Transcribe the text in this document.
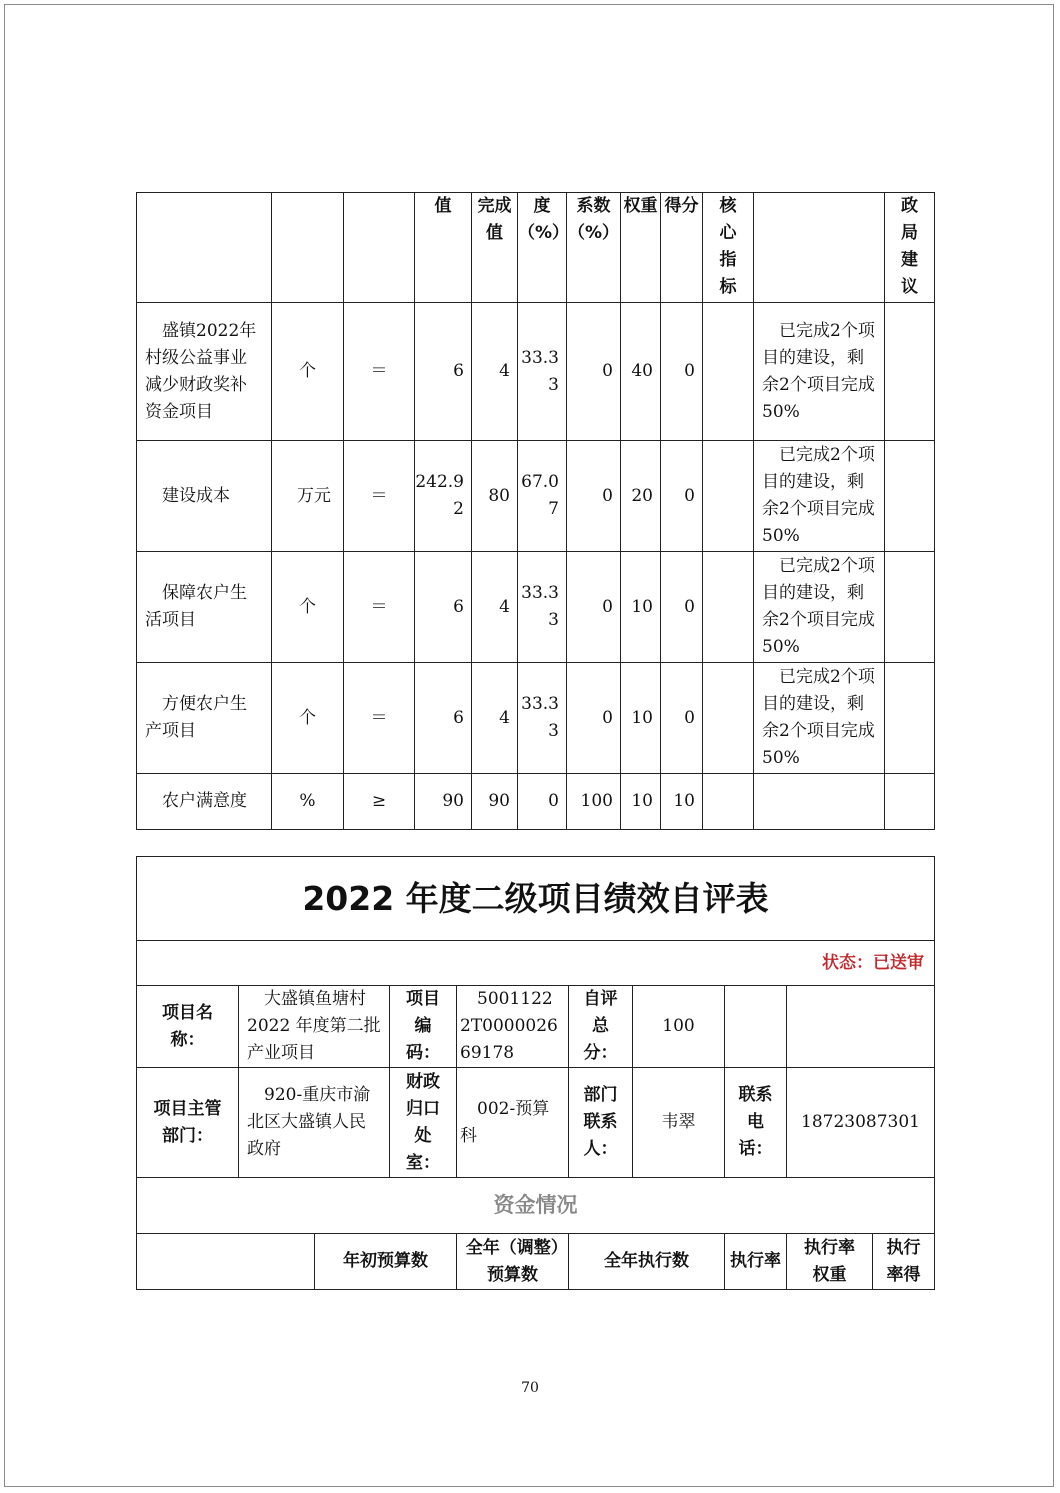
			值	完成值	度（%）	系数（%）	权重	得分	核心指标		政局建议
盛镇2022年村级公益事业减少财政奖补资金项目	个	＝	6	4	33.33	0	40	0		已完成2个项目的建设，剩余2个项目完成50%	
建设成本	万元	＝	242.92	80	67.07	0	20	0		已完成2个项目的建设，剩余2个项目完成50%	
保障农户生活项目	个	＝	6	4	33.33	0	10	0		已完成2个项目的建设，剩余2个项目完成50%	
方便农户生产项目	个	＝	6	4	33.33	0	10	0		已完成2个项目的建设，剩余2个项目完成50%	
农户满意度	%	≥	90	90	0	100	10	10			
2022 年度二级项目绩效自评表									
状态：已送审									
项目名称：	大盛镇鱼塘村 2022 年度第二批产业项目		项目编码：	50011222T000002669178	自评总分：	100			
项目主管部门：	920-重庆市渝北区大盛镇人民政府		财政归口处室：	002-预算科	部门联系人：	韦翠	联系电话：	18723087301	
资金情况									
		年初预算数		全年（调整）预算数	全年执行数		执行率	执行率权重	执行率得
70
